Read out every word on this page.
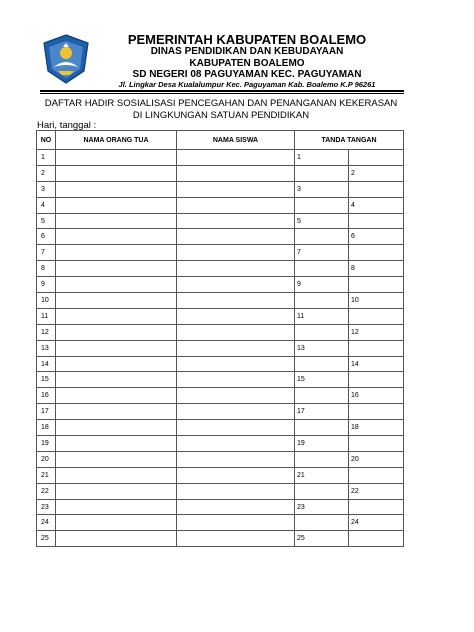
PEMERINTAH KABUPATEN BOALEMO
DINAS PENDIDIKAN DAN KEBUDAYAAN
KABUPATEN BOALEMO
SD NEGERI 08 PAGUYAMAN KEC. PAGUYAMAN
Jl. Lingkar Desa Kualalumpur Kec. Paguyaman Kab. Boalemo K.P 96261
DAFTAR HADIR SOSIALISASI PENCEGAHAN DAN PENANGANAN KEKERASAN
DI LINGKUNGAN SATUAN PENDIDIKAN
Hari, tanggal :
NO	NAMA ORANG TUA	NAMA SISWA	TANDA TANGAN	
1			1	
2				2
3			3	
4				4
5			5	
6				6
7			7	
8				8
9			9	
10				10
11			11	
12				12
13			13	
14				14
15			15	
16				16
17			17	
18				18
19			19	
20				20
21			21	
22				22
23			23	
24				24
25			25	
